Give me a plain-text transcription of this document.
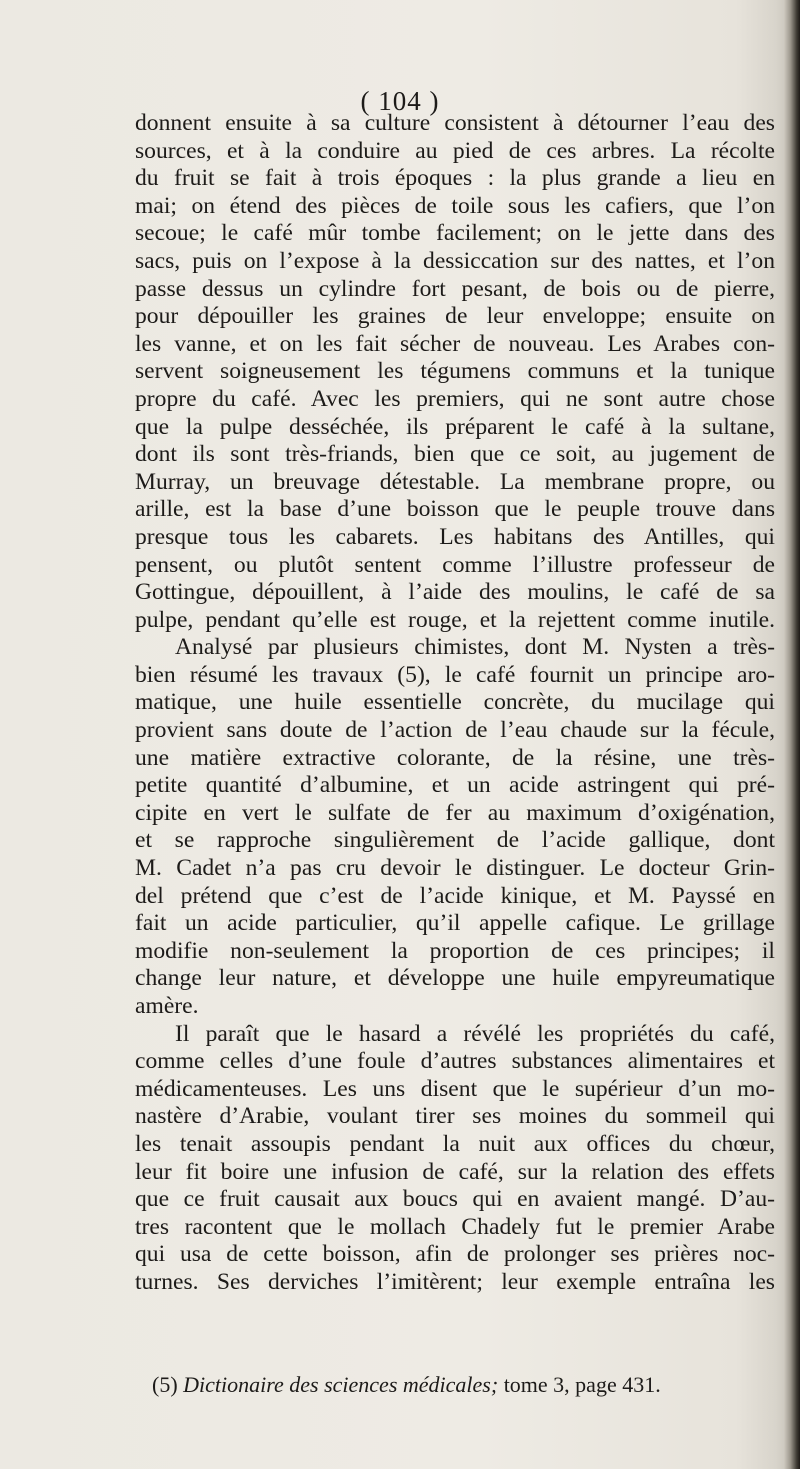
( 104 )
donnent ensuite à sa culture consistent à détourner l’eau des
sources, et à la conduire au pied de ces arbres. La récolte
du fruit se fait à trois époques : la plus grande a lieu en
mai; on étend des pièces de toile sous les cafiers, que l’on
secoue; le café mûr tombe facilement; on le jette dans des
sacs, puis on l’expose à la dessiccation sur des nattes, et l’on
passe dessus un cylindre fort pesant, de bois ou de pierre,
pour dépouiller les graines de leur enveloppe; ensuite on
les vanne, et on les fait sécher de nouveau. Les Arabes con-
servent soigneusement les tégumens communs et la tunique
propre du café. Avec les premiers, qui ne sont autre chose
que la pulpe desséchée, ils préparent le café à la sultane,
dont ils sont très-friands, bien que ce soit, au jugement de
Murray, un breuvage détestable. La membrane propre, ou
arille, est la base d’une boisson que le peuple trouve dans
presque tous les cabarets. Les habitans des Antilles, qui
pensent, ou plutôt sentent comme l’illustre professeur de
Gottingue, dépouillent, à l’aide des moulins, le café de sa
pulpe, pendant qu’elle est rouge, et la rejettent comme inutile.
Analysé par plusieurs chimistes, dont M. Nysten a très-
bien résumé les travaux (5), le café fournit un principe aro-
matique, une huile essentielle concrète, du mucilage qui
provient sans doute de l’action de l’eau chaude sur la fécule,
une matière extractive colorante, de la résine, une très-
petite quantité d’albumine, et un acide astringent qui pré-
cipite en vert le sulfate de fer au maximum d’oxigénation,
et se rapproche singulièrement de l’acide gallique, dont
M. Cadet n’a pas cru devoir le distinguer. Le docteur Grin-
del prétend que c’est de l’acide kinique, et M. Payssé en
fait un acide particulier, qu’il appelle cafique. Le grillage
modifie non-seulement la proportion de ces principes; il
change leur nature, et développe une huile empyreumatique
amère.
Il paraît que le hasard a révélé les propriétés du café,
comme celles d’une foule d’autres substances alimentaires et
médicamenteuses. Les uns disent que le supérieur d’un mo-
nastère d’Arabie, voulant tirer ses moines du sommeil qui
les tenait assoupis pendant la nuit aux offices du chœur,
leur fit boire une infusion de café, sur la relation des effets
que ce fruit causait aux boucs qui en avaient mangé. D’au-
tres racontent que le mollach Chadely fut le premier Arabe
qui usa de cette boisson, afin de prolonger ses prières noc-
turnes. Ses derviches l’imitèrent; leur exemple entraîna les
(5) Dictionaire des sciences médicales; tome 3, page 431.
